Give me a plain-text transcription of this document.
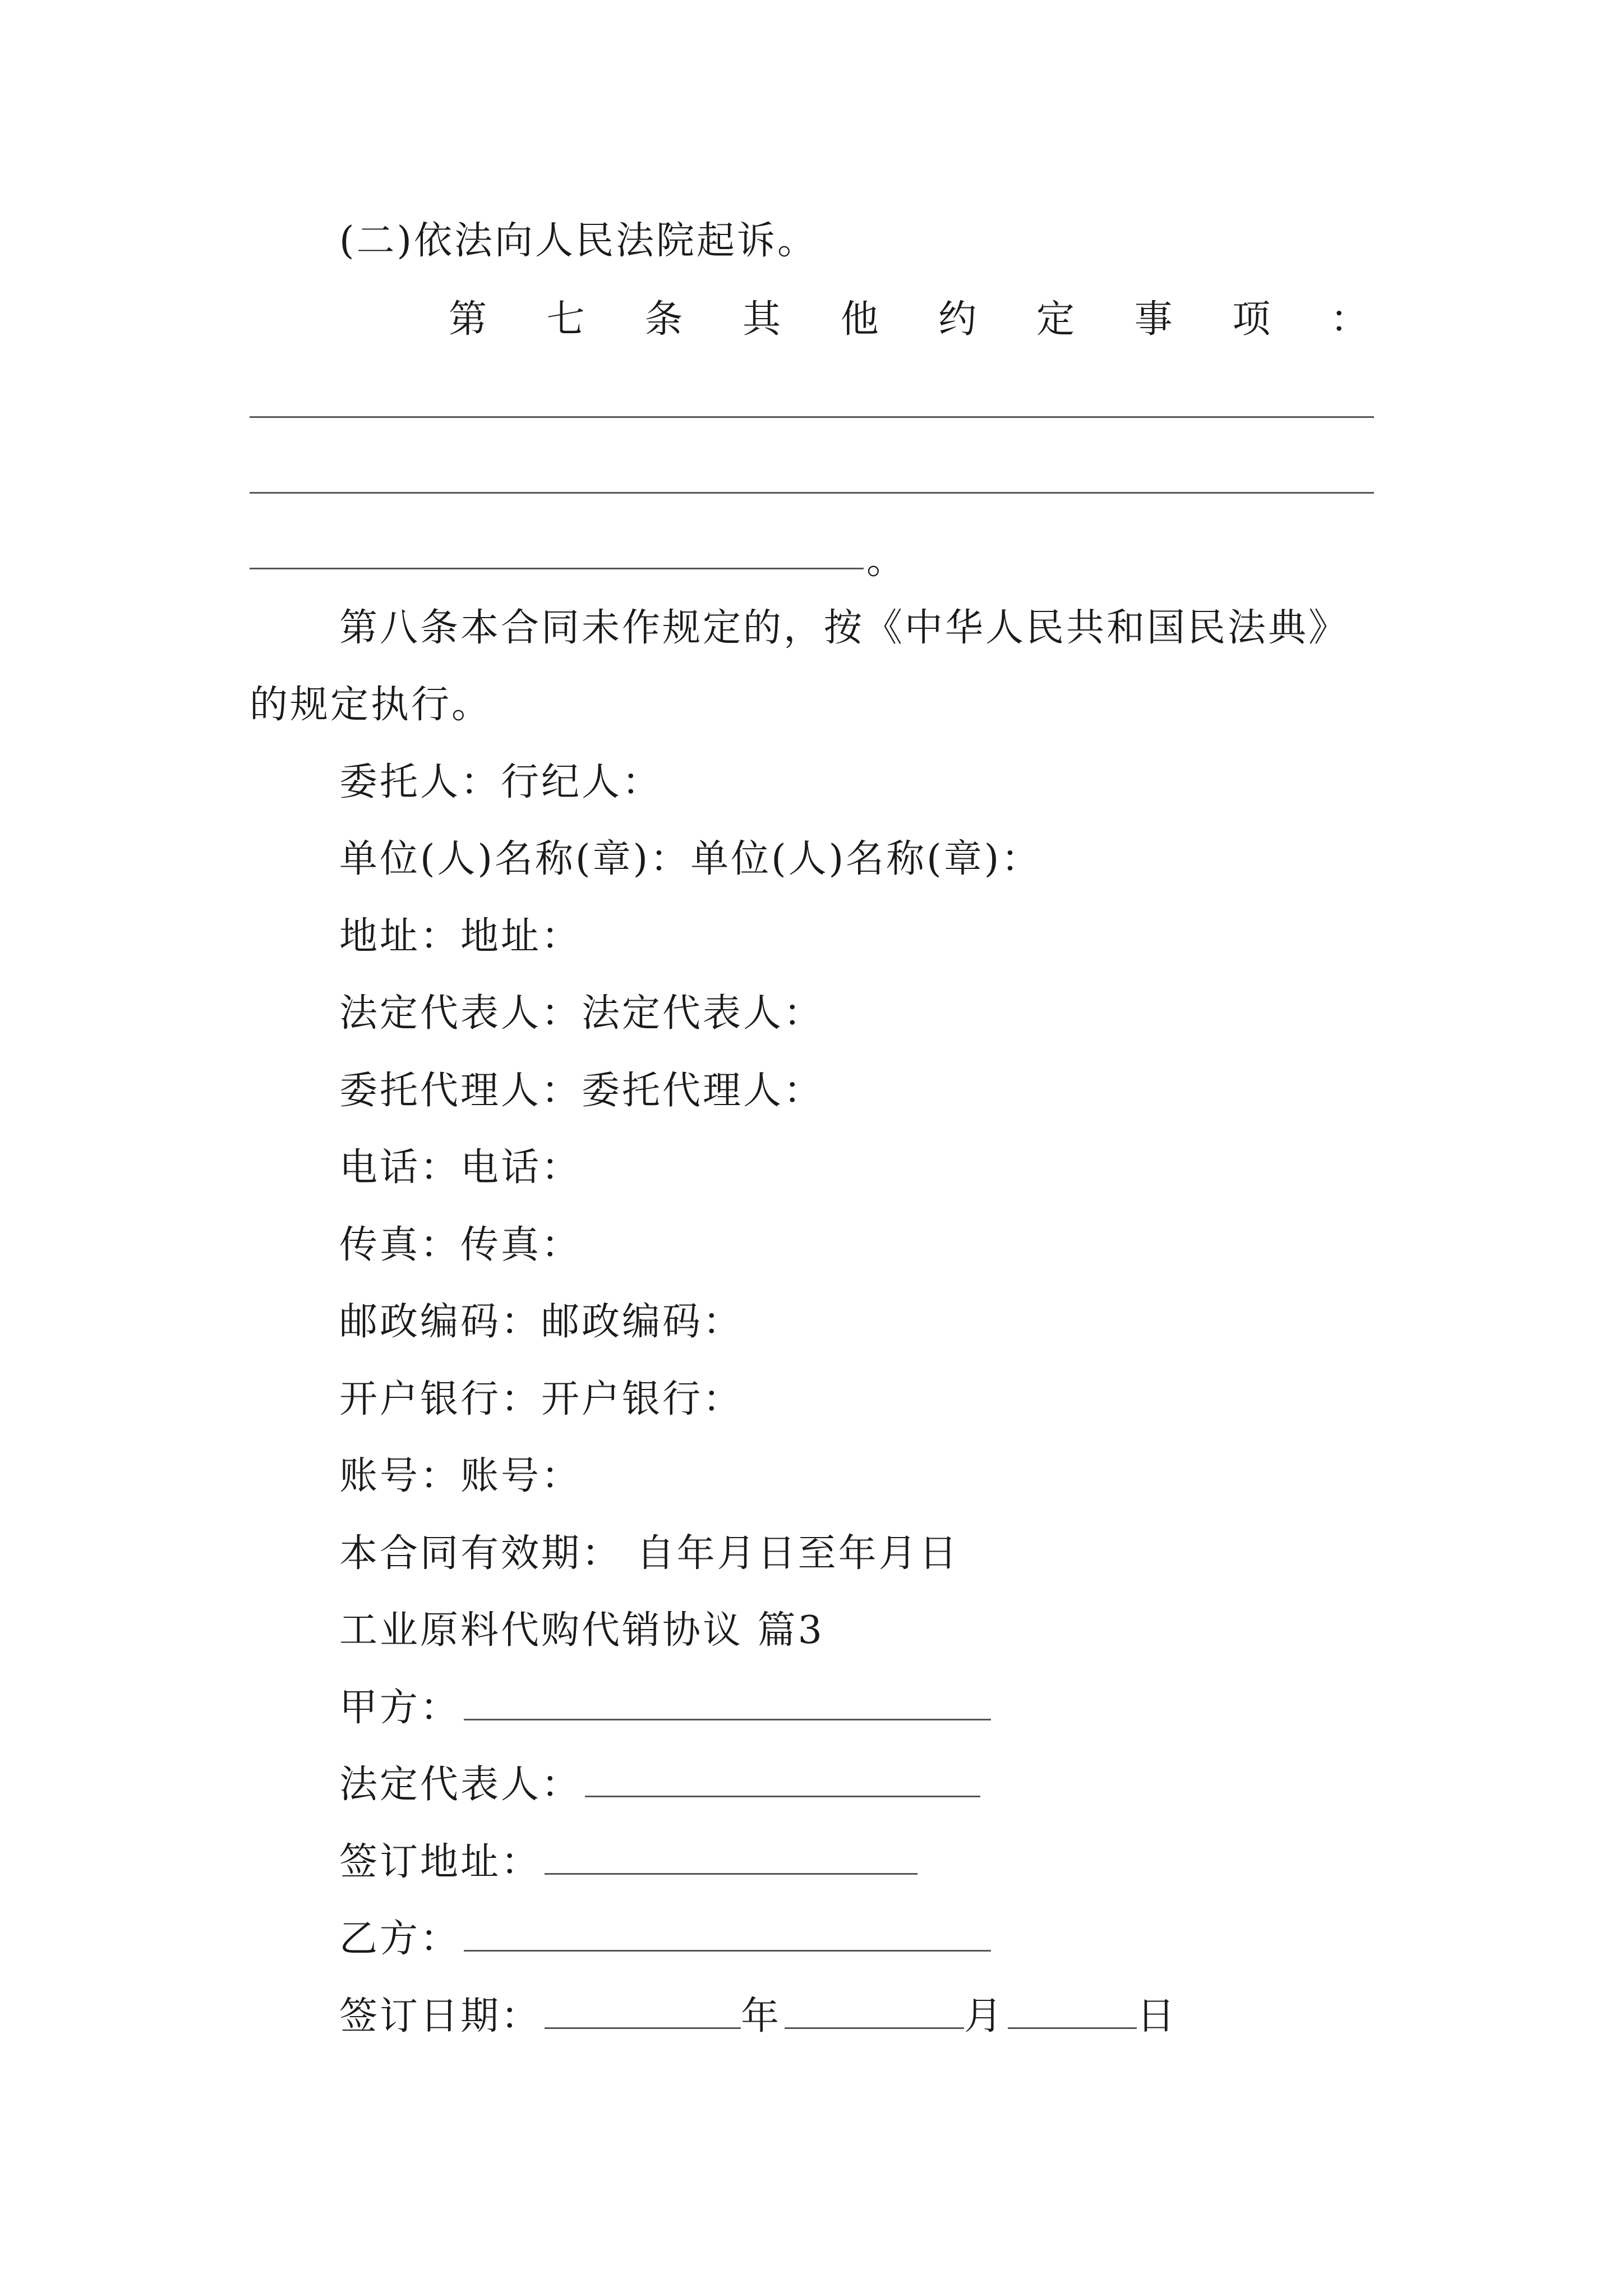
(二)依法向人民法院起诉。
第 七 条 其 他 约 定 事 项 ：
。
第八条本合同未作规定的，按《中华人民共和国民法典》
的规定执行。
委托人：行纪人：
单位(人)名称(章)：单位(人)名称(章)：
地址：地址：
法定代表人：法定代表人：
委托代理人：委托代理人：
电话：电话：
传真：传真：
邮政编码：邮政编码：
开户银行：开户银行：
账号：账号：
本合同有效期： 自年月日至年月日
工业原料代购代销协议 篇3
甲方：
法定代表人：
签订地址：
乙方：
签订日期：	年	月	日
